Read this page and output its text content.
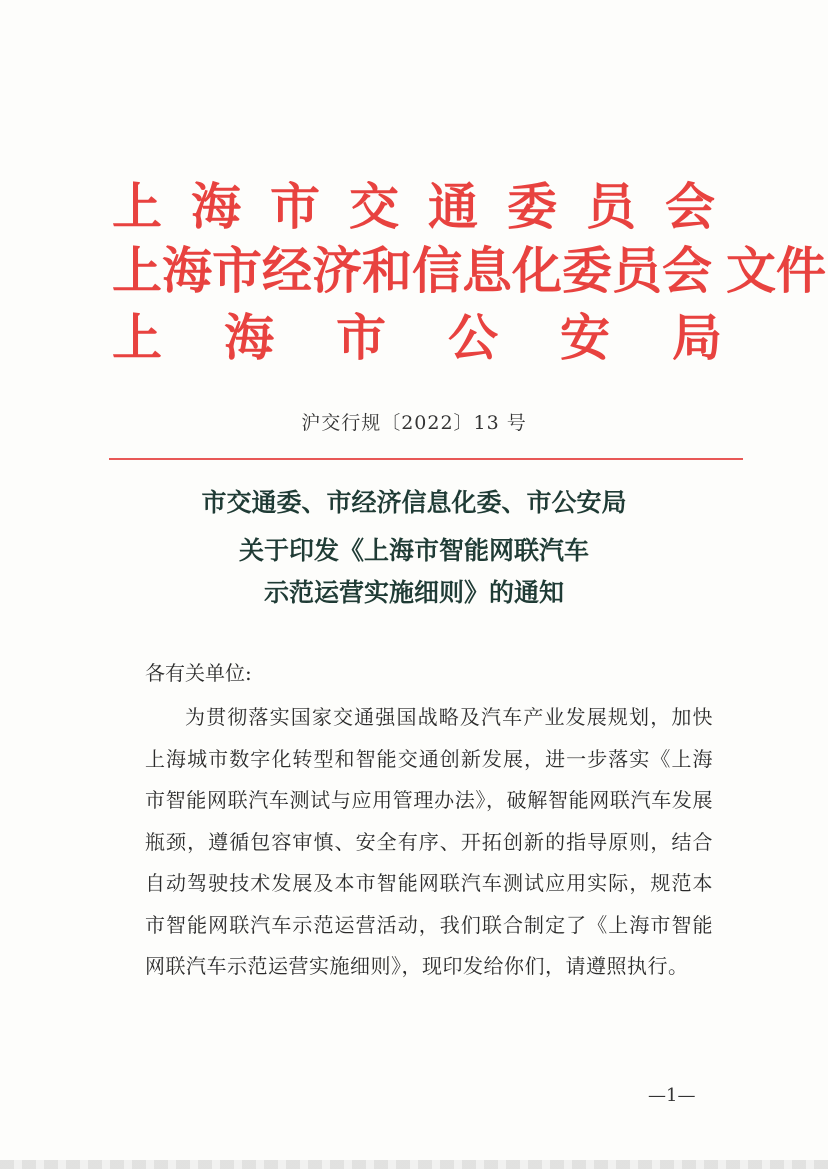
上海市交通委员会
上海市经济和信息化委员会 文件
上海市公安局
沪交行规〔2022〕13 号
市交通委、市经济信息化委、市公安局
关于印发《上海市智能网联汽车
示范运营实施细则》的通知
各有关单位:
为贯彻落实国家交通强国战略及汽车产业发展规划，加快上海城市数字化转型和智能交通创新发展，进一步落实《上海市智能网联汽车测试与应用管理办法》，破解智能网联汽车发展瓶颈，遵循包容审慎、安全有序、开拓创新的指导原则，结合自动驾驶技术发展及本市智能网联汽车测试应用实际，规范本市智能网联汽车示范运营活动，我们联合制定了《上海市智能网联汽车示范运营实施细则》，现印发给你们，请遵照执行。
—1—
